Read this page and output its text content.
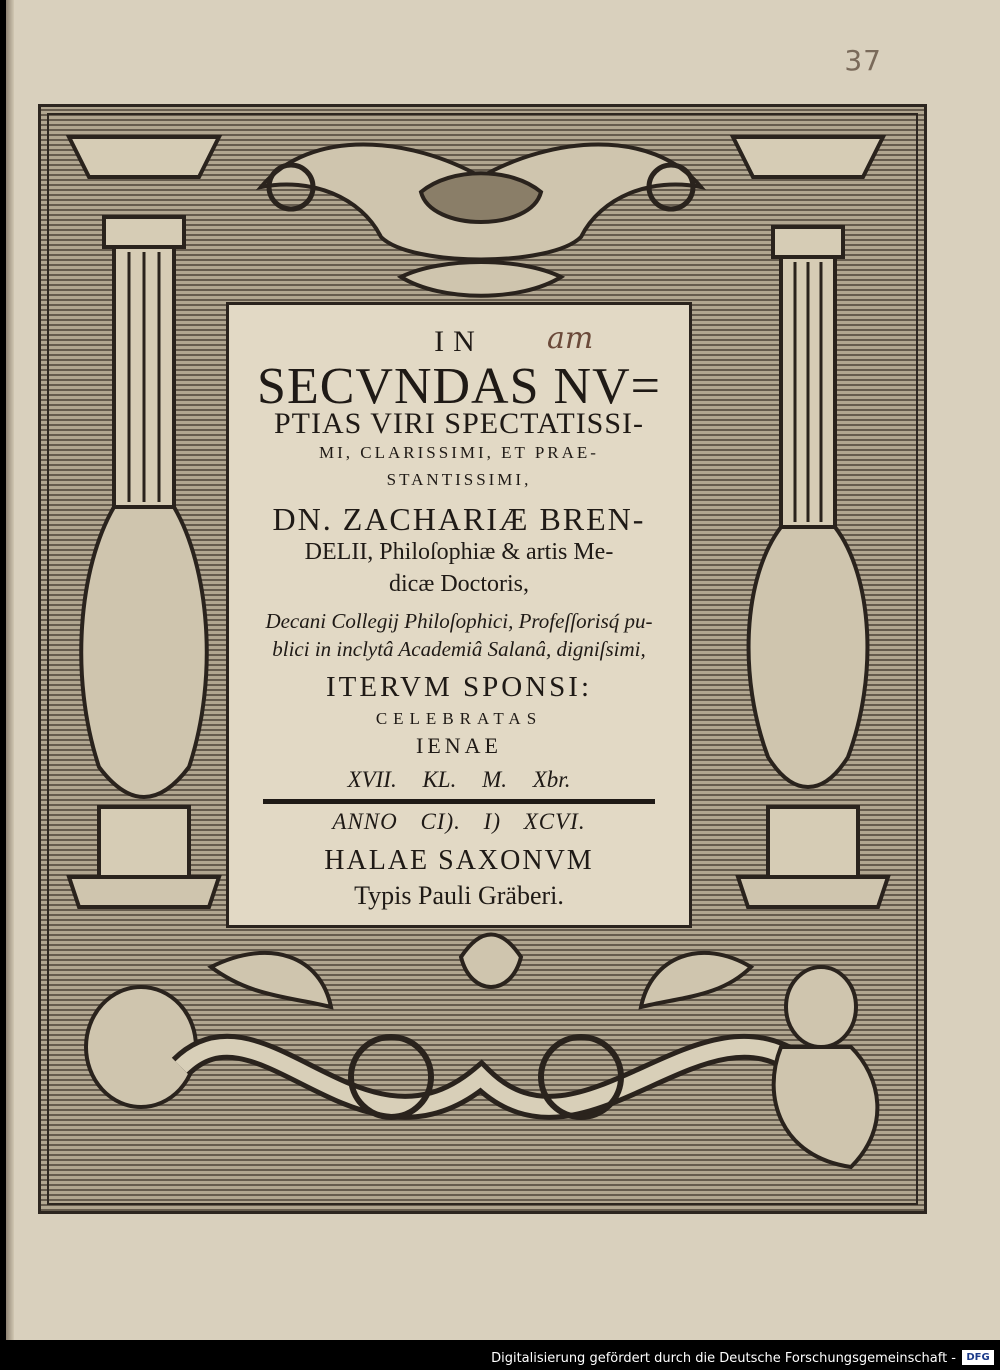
37
am
IN
SECVNDAS NV=
PTIAS VIRI SPECTATISSI-
MI, CLARISSIMI, ET PRAE-
STANTISSIMI,
DN. ZACHARIÆ BREN-
DELII, Philoſophiæ & artis Me-
dicæ Doctoris,
Decani Collegij Philoſophici, Profeſſorisq́ pu-
blici in inclytâ Academiâ Salanâ, digniſsimi,
ITERVM SPONSI:
CELEBRATAS
IENAE
XVII. KL. M. Xbr.
ANNO CI). I) XCVI.
HALAE SAXONVM
Typis Pauli Gräberi.
Digitalisierung gefördert durch die Deutsche Forschungsgemeinschaft -	DFG
